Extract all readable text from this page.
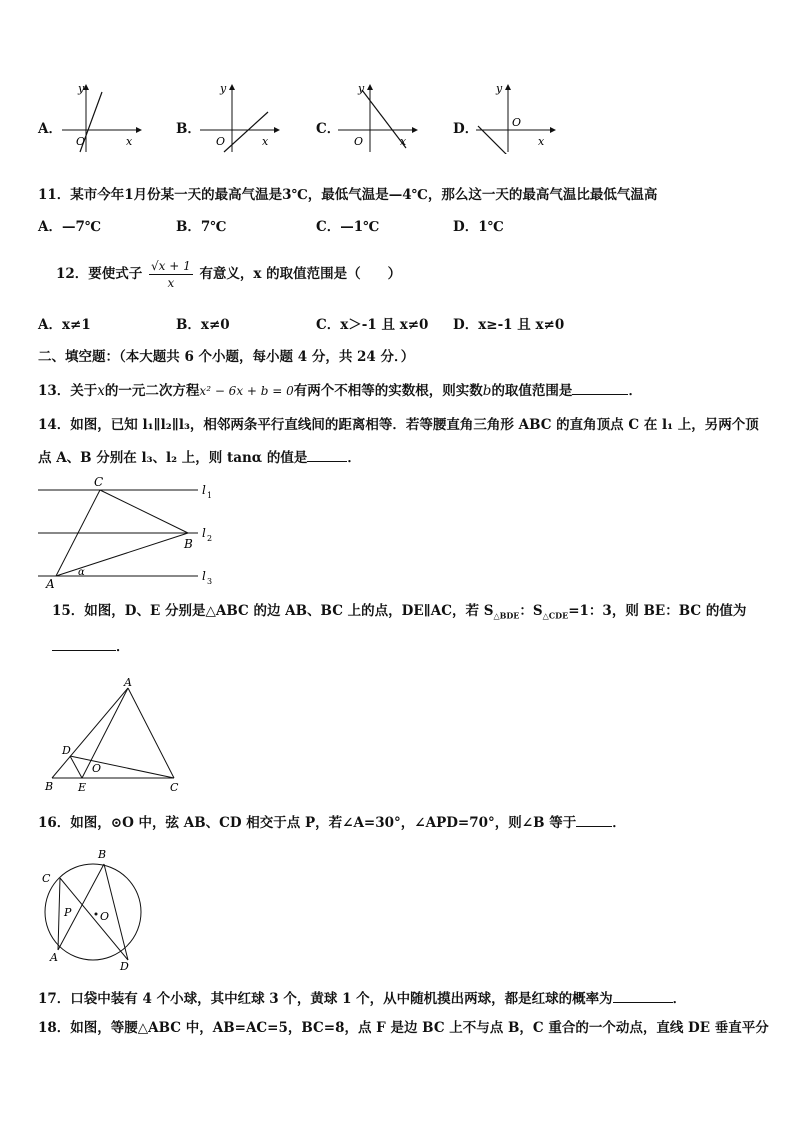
A．
y
x
O
B．
y
x
O
C．
y
x
O
D．
y
x
O
11．某市今年1月份某一天的最高气温是3℃，最低气温是—4℃，那么这一天的最高气温比最低气温高
A．—7℃	B．7℃	C．—1℃	D．1℃
12．要使式子 $\frac{√x + 1}{x}$ 有意义，x 的取值范围是（　　）
A．x≠1	B．x≠0	C．x＞-1 且 x≠0 D．x≥-1 且 x≠0
二、填空题：（本大题共 6 个小题，每小题 4 分，共 24 分．）
13．关于x的一元二次方程x² − 6x + b = 0有两个不相等的实数根，则实数b的取值范围是	．
14．如图，已知 l₁∥l₂∥l₃，相邻两条平行直线间的距离相等．若等腰直角三角形 ABC 的直角顶点 C 在 l₁ 上，另两个顶
点 A、B 分别在 l₃、l₂ 上，则 tanα 的值是	．
C
B
A
α
l 1
l 2
l 3
15．如图，D、E 分别是△ABC 的边 AB、BC 上的点，DE∥AC，若 $S_{\triangle BDE}$：$S_{\triangle CDE}=1$：3，则 BE：BC 的值为
．
A
D
O
B E	C
16．如图，⊙O 中，弦 AB、CD 相交于点 P，若∠A=30°，∠APD=70°，则∠B 等于	．
B
C
P	O
A
D
17．口袋中装有 4 个小球，其中红球 3 个，黄球 1 个，从中随机摸出两球，都是红球的概率为	．
18．如图，等腰△ABC 中，AB=AC=5，BC=8，点 F 是边 BC 上不与点 B，C 重合的一个动点，直线 DE 垂直平分
